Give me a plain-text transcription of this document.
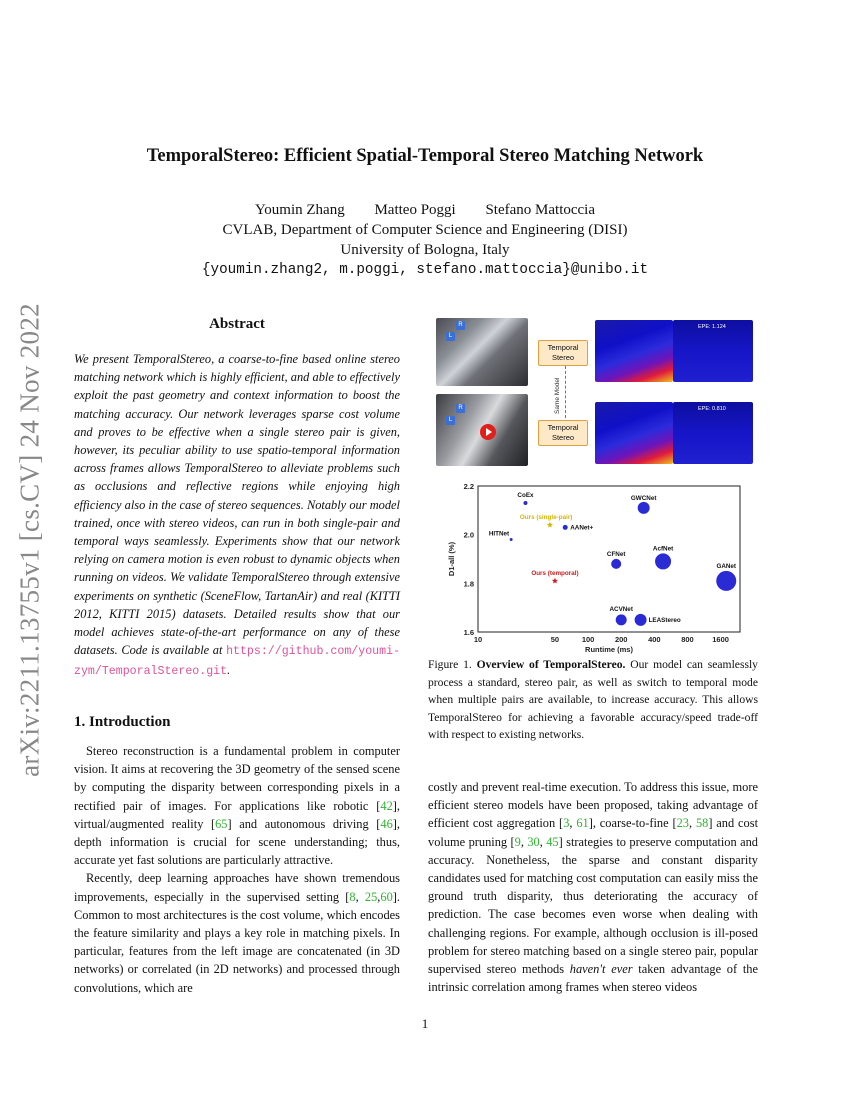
arXiv:2211.13755v1 [cs.CV] 24 Nov 2022
TemporalStereo: Efficient Spatial-Temporal Stereo Matching Network
Youmin Zhang Matteo Poggi Stefano Mattoccia
CVLAB, Department of Computer Science and Engineering (DISI)
University of Bologna, Italy
{youmin.zhang2, m.poggi, stefano.mattoccia}@unibo.it
Abstract
We present TemporalStereo, a coarse-to-fine based online stereo matching network which is highly efficient, and able to effectively exploit the past geometry and context information to boost the matching accuracy. Our network leverages sparse cost volume and proves to be effective when a single stereo pair is given, however, its peculiar ability to use spatio-temporal information across frames allows TemporalStereo to alleviate problems such as occlusions and reflective regions while enjoying high efficiency also in the case of stereo sequences. Notably our model trained, once with stereo videos, can run in both single-pair and temporal ways seamlessly. Experiments show that our network relying on camera motion is even robust to dynamic objects when running on videos. We validate TemporalStereo through extensive experiments on synthetic (SceneFlow, TartanAir) and real (KITTI 2012, KITTI 2015) datasets. Detailed results show that our model achieves state-of-the-art performance on any of these datasets. Code is available at https://github.com/youmi-zym/TemporalStereo.git.
1. Introduction

Stereo reconstruction is a fundamental problem in computer vision. It aims at recovering the 3D geometry of the sensed scene by computing the disparity between corresponding pixels in a rectified pair of images. For applications like robotic [42], virtual/augmented reality [65] and autonomous driving [46], depth information is crucial for scene understanding; thus, accurate yet fast solutions are particularly attractive.

Recently, deep learning approaches have shown tremendous improvements, especially in the supervised setting [8, 25,60]. Common to most architectures is the cost volume, which encodes the feature similarity and plays a key role in matching pixels. In particular, features from the left image are concatenated (in 3D networks) or correlated (in 2D networks) and processed through convolutions, which are

costly and prevent real-time execution. To address this issue, more efficient stereo models have been proposed, taking advantage of efficient cost aggregation [3, 61], coarse-to-fine [23, 58] and cost volume pruning [9, 30, 45] strategies to preserve computation and accuracy. Nonetheless, the sparse and constant disparity candidates used for matching cost computation can easily miss the ground truth disparity, thus deteriorating the accuracy of prediction. The case becomes even worse when dealing with challenging regions. For example, although occlusion is ill-posed problem for stereo matching based on a single stereo pair, popular supervised stereo methods haven't ever taken advantage of the intrinsic correlation among frames when stereo videos

R
L
R
L
Temporal Stereo
Temporal Stereo
Same Model
EPE: 1.124
EPE: 0.810
10	50	100	200	400	800 1600
1.6
1.8
2.0
2.2
Runtime (ms)
D1-all (%)
CoEx	GWCNet
Ours (single-pair)
AANet+
HITNet
CFNet
AcfNet
GANet
Ours (temporal)
ACVNet
LEAStereo
Figure 1. Overview of TemporalStereo. Our model can seamlessly process a standard, stereo pair, as well as switch to temporal mode when multiple pairs are available, to increase accuracy. This allows TemporalStereo for achieving a favorable accuracy/speed trade-off with respect to existing networks.
1
